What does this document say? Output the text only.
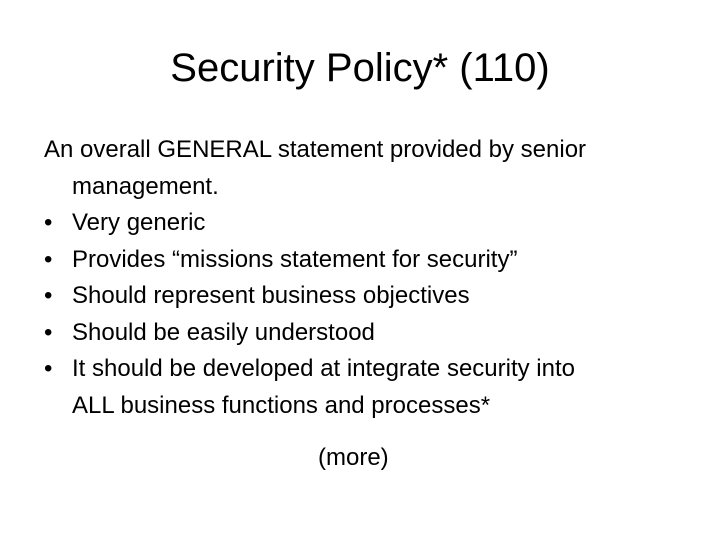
Security Policy* (110)
An overall GENERAL statement provided by senior
management.
• Very generic
• Provides “missions statement for security”
• Should represent business objectives
• Should be easily understood
• It should be developed at integrate security into
ALL business functions and processes*
(more)
